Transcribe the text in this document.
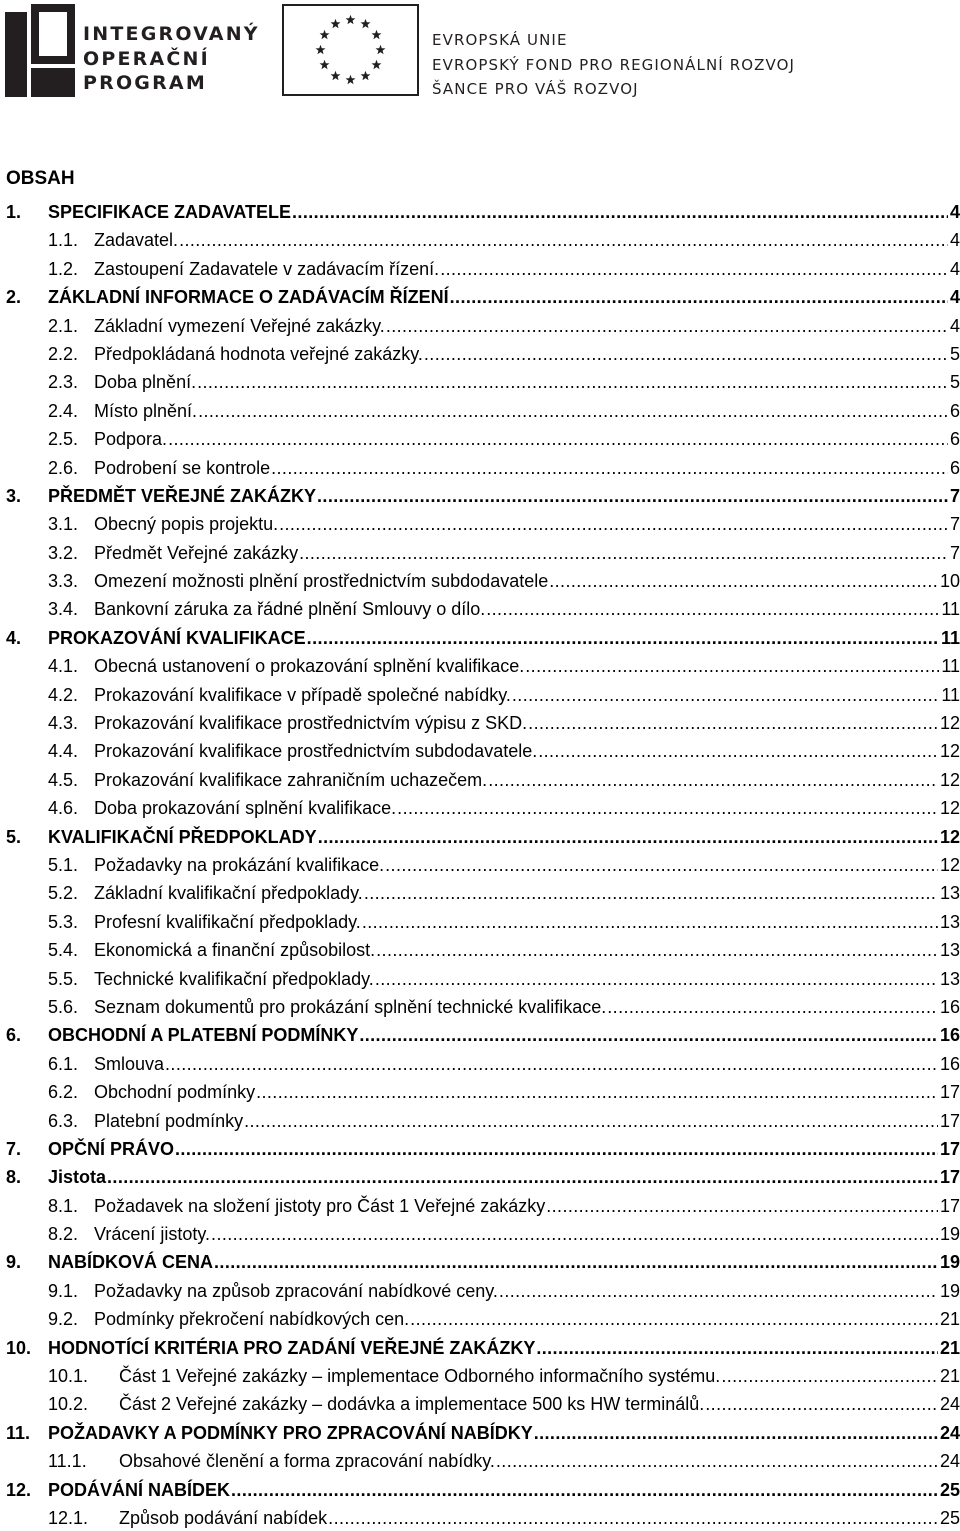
INTEGROVANÝ
OPERAČNÍ
PROGRAM
EVROPSKÁ UNIE
EVROPSKÝ FOND PRO REGIONÁLNÍ ROZVOJ
ŠANCE PRO VÁŠ ROZVOJ
OBSAH
1. SPECIFIKACE ZADAVATELE .....	4
1.1. Zadavatel. .....	4
1.2. Zastoupení Zadavatele v zadávacím řízení. .....	4
2. ZÁKLADNÍ INFORMACE O ZADÁVACÍM ŘÍZENÍ .....	4
2.1. Základní vymezení Veřejné zakázky. .....	4
2.2. Předpokládaná hodnota veřejné zakázky. .....	5
2.3. Doba plnění. .....	5
2.4. Místo plnění. .....	6
2.5. Podpora. .....	6
2.6. Podrobení se kontrole .....	6
3. PŘEDMĚT VEŘEJNÉ ZAKÁZKY .....	7
3.1. Obecný popis projektu. .....	7
3.2. Předmět Veřejné zakázky .....	7
3.3. Omezení možnosti plnění prostřednictvím subdodavatele .....	10
3.4. Bankovní záruka za řádné plnění Smlouvy o dílo. .....	11
4. PROKAZOVÁNÍ KVALIFIKACE .....	11
4.1. Obecná ustanovení o prokazování splnění kvalifikace. .....	11
4.2. Prokazování kvalifikace v případě společné nabídky. .....	11
4.3. Prokazování kvalifikace prostřednictvím výpisu z SKD. .....	12
4.4. Prokazování kvalifikace prostřednictvím subdodavatele. .....	12
4.5. Prokazování kvalifikace zahraničním uchazečem. .....	12
4.6. Doba prokazování splnění kvalifikace. .....	12
5. KVALIFIKAČNÍ PŘEDPOKLADY .....	12
5.1. Požadavky na prokázání kvalifikace. .....	12
5.2. Základní kvalifikační předpoklady. .....	13
5.3. Profesní kvalifikační předpoklady. .....	13
5.4. Ekonomická a finanční způsobilost. .....	13
5.5. Technické kvalifikační předpoklady. .....	13
5.6. Seznam dokumentů pro prokázání splnění technické kvalifikace. .....	16
6. OBCHODNÍ A PLATEBNÍ PODMÍNKY .....	16
6.1. Smlouva .....	16
6.2. Obchodní podmínky .....	17
6.3. Platební podmínky .....	17
7. OPČNÍ PRÁVO .....	17
8. Jistota .....	17
8.1. Požadavek na složení jistoty pro Část 1 Veřejné zakázky .....	17
8.2. Vrácení jistoty. .....	19
9. NABÍDKOVÁ CENA .....	19
9.1. Požadavky na způsob zpracování nabídkové ceny. .....	19
9.2. Podmínky překročení nabídkových cen. .....	21
10. HODNOTÍCÍ KRITÉRIA PRO ZADÁNÍ VEŘEJNÉ ZAKÁZKY .....	21
10.1. Část 1 Veřejné zakázky – implementace Odborného informačního systému. .....	21
10.2. Část 2 Veřejné zakázky – dodávka a implementace 500 ks HW terminálů. .....	24
11. POŽADAVKY A PODMÍNKY PRO ZPRACOVÁNÍ NABÍDKY .....	24
11.1. Obsahové členění a forma zpracování nabídky. .....	24
12. PODÁVÁNÍ NABÍDEK .....	25
12.1. Způsob podávání nabídek .....	25
